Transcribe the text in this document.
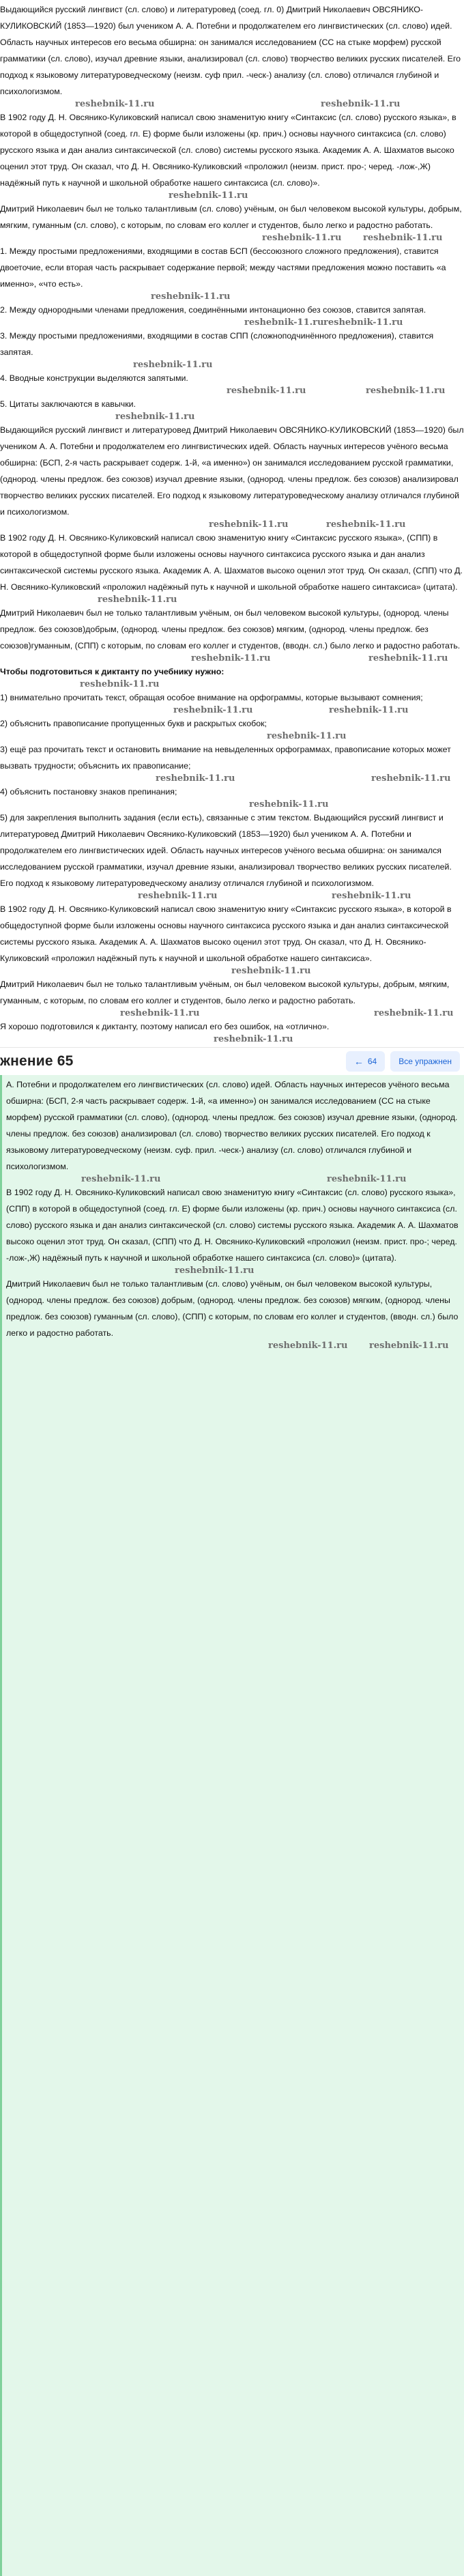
Выдающийся русский лингвист (сл. слово) и литературовед (соед. гл. 0) Дмитрий Николаевич ОВСЯНИКО-КУЛИКОВСКИЙ (1853—1920) был учеником А. А. Потебни и продолжателем его лингвистических (сл. слово) идей. Область научных интересов его весьма обширна: он занимался исследованием (СС на стыке морфем) русской грамматики (сл. слово), изучал древние языки, анализировал (сл. слово) творчество великих русских писателей. Его подход к языковому литературоведческому (неизм. суф прил. -ческ-) анализу (сл. слово) отличался глубиной и психологизмом.

reshebnik-11.ru	reshebnik-11.ru

В 1902 году Д. Н. Овсянико-Куликовский написал свою знаменитую книгу «Синтаксис (сл. слово) русского языка», в которой в общедоступной (соед. гл. Е) форме были изложены (кр. прич.) основы научного синтаксиса (сл. слово) русского языка и дан анализ синтаксической (сл. слово) системы русского языка. Академик А. А. Шахматов высоко оценил этот труд. Он сказал, что Д. Н. Овсянико-Куликовский «проложил (неизм. прист. про-; черед. -лож-,Ж) надёжный путь к научной и школьной обработке нашего синтаксиса (сл. слово)».

reshebnik-11.ru

Дмитрий Николаевич был не только талантливым (сл. слово) учёным, он был человеком высокой культуры, добрым, мягким, гуманным (сл. слово), с которым, по словам его коллег и студентов, было легко и радостно работать.

reshebnik-11.ru reshebnik-11.ru

1. Между простыми предложениями, входящими в состав БСП (бессоюзного сложного предложения), ставится двоеточие, если вторая часть раскрывает содержание первой; между частями предложения можно поставить «а именно», «что есть».

reshebnik-11.ru

2. Между однородными членами предложения, соединёнными интонационно без союзов, ставится запятая.

reshebnik-11.ru reshebnik-11.ru

3. Между простыми предложениями, входящими в состав СПП (сложноподчинённого предложения), ставится запятая.

reshebnik-11.ru

4. Вводные конструкции выделяются запятыми.

reshebnik-11.ru	reshebnik-11.ru

5. Цитаты заключаются в кавычки.

reshebnik-11.ru

Выдающийся русский лингвист и литературовед Дмитрий Николаевич ОВСЯНИКО-КУЛИКОВСКИЙ (1853—1920) был учеником А. А. Потебни и продолжателем его лингвистических идей. Область научных интересов учёного весьма обширна: (БСП, 2-я часть раскрывает содерж. 1-й, «а именно») он занимался исследованием русской грамматики, (однород. члены предлож. без союзов) изучал древние языки, (однород. члены предлож. без союзов) анализировал творчество великих русских писателей. Его подход к языковому литературоведческому анализу отличался глубиной и психологизмом.

reshebnik-11.ru	reshebnik-11.ru

В 1902 году Д. Н. Овсянико-Куликовский написал свою знаменитую книгу «Синтаксис русского языка», (СПП) в которой в общедоступной форме были изложены основы научного синтаксиса русского языка и дан анализ синтаксической системы русского языка. Академик А. А. Шахматов высоко оценил этот труд. Он сказал, (СПП) что Д. Н. Овсянико-Куликовский «проложил надёжный путь к научной и школьной обработке нашего синтаксиса» (цитата).

reshebnik-11.ru

Дмитрий Николаевич был не только талантливым учёным, он был человеком высокой культуры, (однород. члены предлож. без союзов)добрым, (однород. члены предлож. без союзов) мягким, (однород. члены предлож. без союзов)гуманным, (СПП) с которым, по словам его коллег и студентов, (вводн. сл.) было легко и радостно работать.

reshebnik-11.ru	reshebnik-11.ru

Чтобы подготовиться к диктанту по учебнику нужно:

reshebnik-11.ru

1) внимательно прочитать текст, обращая особое внимание на орфограммы, которые вызывают сомнения;

reshebnik-11.ru	reshebnik-11.ru

2) объяснить правописание пропущенных букв и раскрытых скобок;

reshebnik-11.ru

3) ещё раз прочитать текст и остановить внимание на невыделенных орфограммах, правописание которых может вызвать трудности; объяснить их правописание;

reshebnik-11.ru	reshebnik-11.ru

4) объяснить постановку знаков препинания;

reshebnik-11.ru

5) для закрепления выполнить задания (если есть), связанные с этим текстом. Выдающийся русский лингвист и литературовед Дмитрий Николаевич Овсянико-Куликовский (1853—1920) был учеником А. А. Потебни и продолжателем его лингвистических идей. Область научных интересов учёного весьма обширна: он занимался исследованием русской грамматики, изучал древние языки, анализировал творчество великих русских писателей. Его подход к языковому литературоведческому анализу отличался глубиной и психологизмом.

reshebnik-11.ru	reshebnik-11.ru

В 1902 году Д. Н. Овсянико-Куликовский написал свою знаменитую книгу «Синтаксис русского языка», в которой в общедоступной форме были изложены основы научного синтаксиса русского языка и дан анализ синтаксической системы русского языка. Академик А. А. Шахматов высоко оценил этот труд. Он сказал, что Д. Н. Овсянико-Куликовский «проложил надёжный путь к научной и школьной обработке нашего синтаксиса».

reshebnik-11.ru

Дмитрий Николаевич был не только талантливым учёным, он был человеком высокой культуры, добрым, мягким, гуманным, с которым, по словам его коллег и студентов, было легко и радостно работать.

reshebnik-11.ru	reshebnik-11.ru

Я хорошо подготовился к диктанту, поэтому написал его без ошибок, на «отлично».

reshebnik-11.ru
жнение 65	← 64	Все упражнен

А. Потебни и продолжателем его лингвистических (сл. слово) идей. Область научных интересов учёного весьма обширна: (БСП, 2-я часть раскрывает содерж. 1-й, «а именно») он занимался исследованием (СС на стыке морфем) русской грамматики (сл. слово), (однород. члены предлож. без союзов) изучал древние языки, (однород. члены предлож. без союзов) анализировал (сл. слово) творчество великих русских писателей. Его подход к языковому литературоведческому (неизм. суф. прил. -ческ-) анализу (сл. слово) отличался глубиной и психологизмом.

reshebnik-11.ru	reshebnik-11.ru

В 1902 году Д. Н. Овсянико-Куликовский написал свою знаменитую книгу «Синтаксис (сл. слово) русского языка», (СПП) в которой в общедоступной (соед. гл. Е) форме были изложены (кр. прич.) основы научного синтаксиса (сл. слово) русского языка и дан анализ синтаксической (сл. слово) системы русского языка. Академик А. А. Шахматов высоко оценил этот труд. Он сказал, (СПП) что Д. Н. Овсянико-Куликовский «проложил (неизм. прист. про-; черед. -лож-,Ж) надёжный путь к научной и школьной обработке нашего синтаксиса (сл. слово)» (цитата).

reshebnik-11.ru

Дмитрий Николаевич был не только талантливым (сл. слово) учёным, он был человеком высокой культуры, (однород. члены предлож. без союзов) добрым, (однород. члены предлож. без союзов) мягким, (однород. члены предлож. без союзов) гуманным (сл. слово), (СПП) с которым, по словам его коллег и студентов, (вводн. сл.) было легко и радостно работать.

reshebnik-11.ru reshebnik-11.ru
